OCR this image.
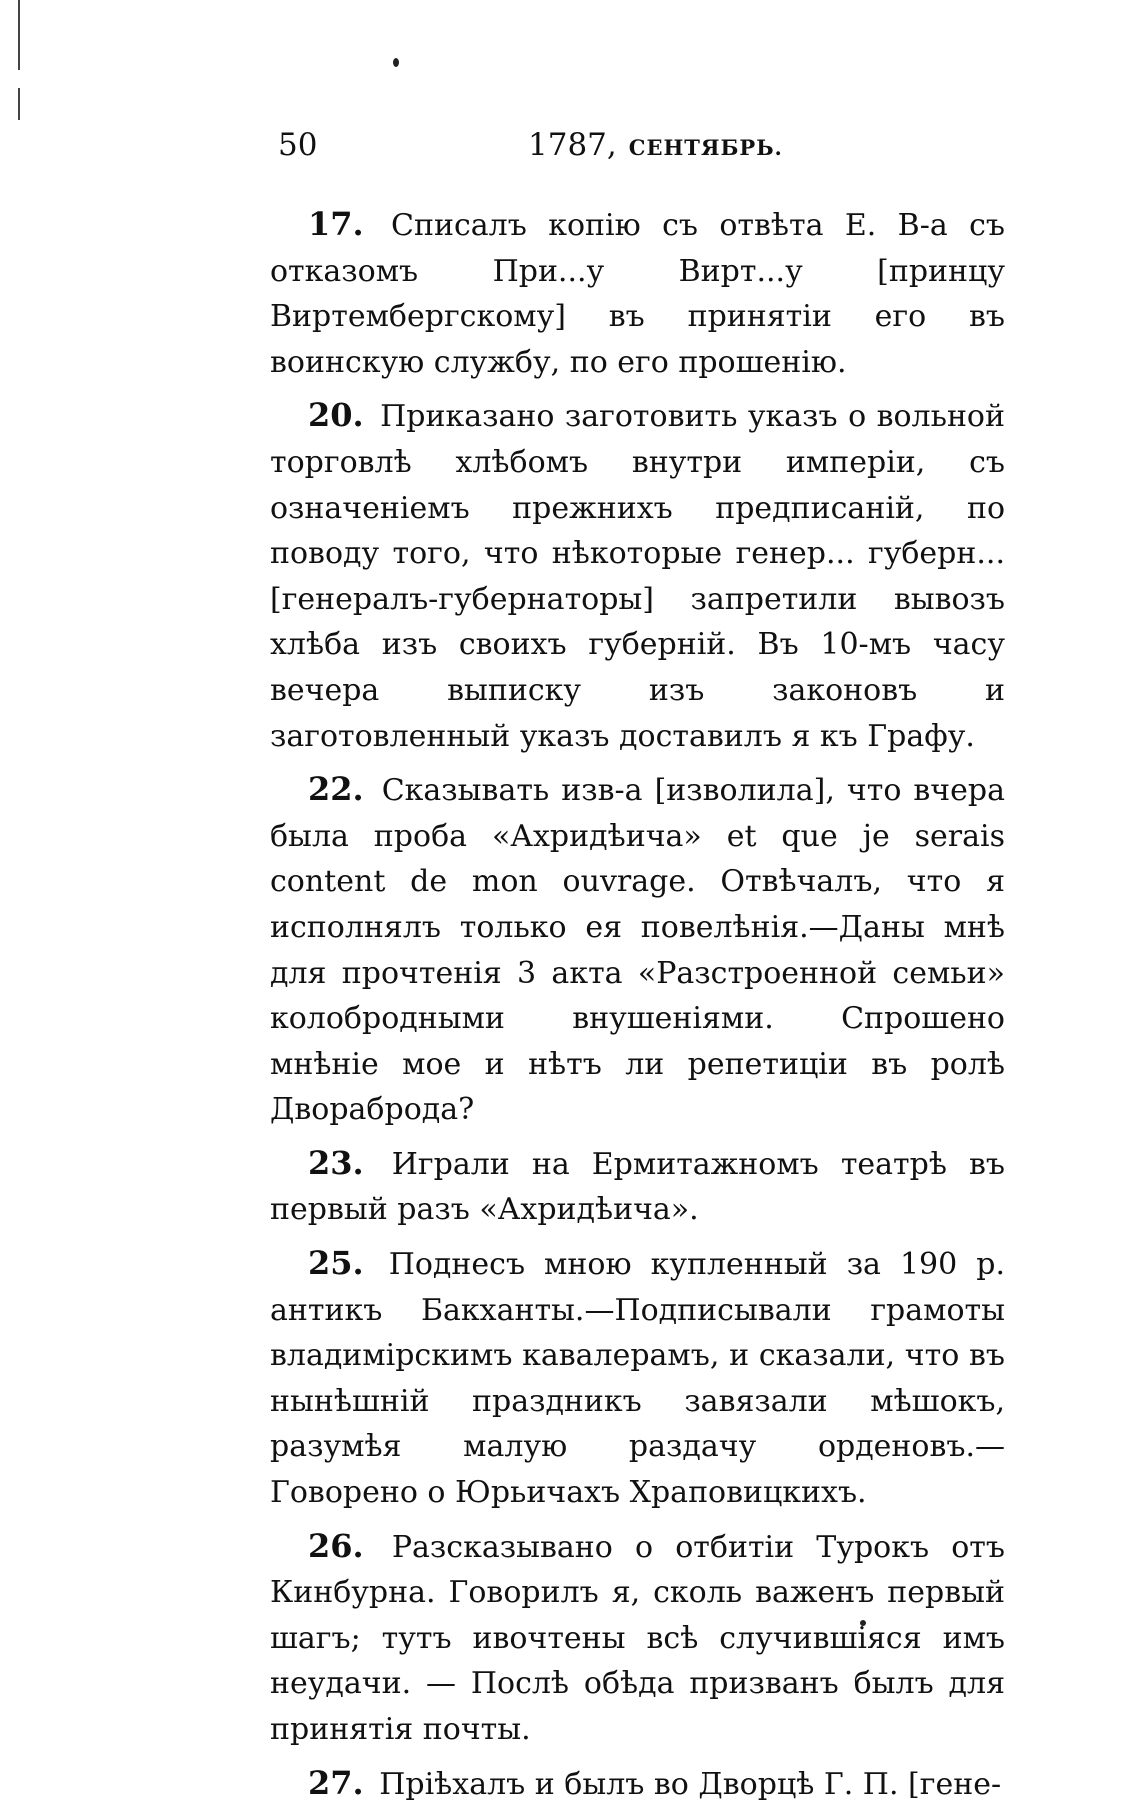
50	1787, СЕНТЯБРЬ.

17. Списалъ копію съ отвѣта Е. В-а съ отказомъ При...у Вирт...у [принцу Виртембергскому] въ принятіи его въ воинскую службу, по его прошенію.

20. Приказано заготовить указъ о вольной торговлѣ хлѣбомъ внутри имперіи, съ означеніемъ прежнихъ предписаній, по поводу того, что нѣкоторые генер... губерн... [генералъ-губернаторы] запретили вывозъ хлѣба изъ своихъ губерній. Въ 10-мъ часу вечера выписку изъ законовъ и заготовленный указъ доставилъ я къ Графу.

22. Сказывать изв-а [изволила], что вчера была проба «Ахридѣича» et que je serais content de mon ouvrage. Отвѣчалъ, что я исполнялъ только ея повелѣнія.—Даны мнѣ для прочтенія 3 акта «Разстроенной семьи» колобродными внушеніями. Спрошено мнѣніе мое и нѣтъ ли репетиціи въ ролѣ Двораброда?

23. Играли на Ермитажномъ театрѣ въ первый разъ «Ахридѣича».

25. Поднесъ мною купленный за 190 р. антикъ Бакханты.—Подписывали грамоты владимірскимъ кавалерамъ, и сказали, что въ нынѣшній праздникъ завязали мѣшокъ, разумѣя малую раздачу орденовъ.— Говорено о Юрьичахъ Храповицкихъ.

26. Разсказывано о отбитіи Турокъ отъ Кинбурна. Говорилъ я, сколь важенъ первый шагъ; тутъ ивочтены всѣ случившіяся имъ неудачи. — Послѣ обѣда призванъ былъ для принятія почты.

27. Пріѣхалъ и былъ во Дворцѣ Г. П. [гене-
